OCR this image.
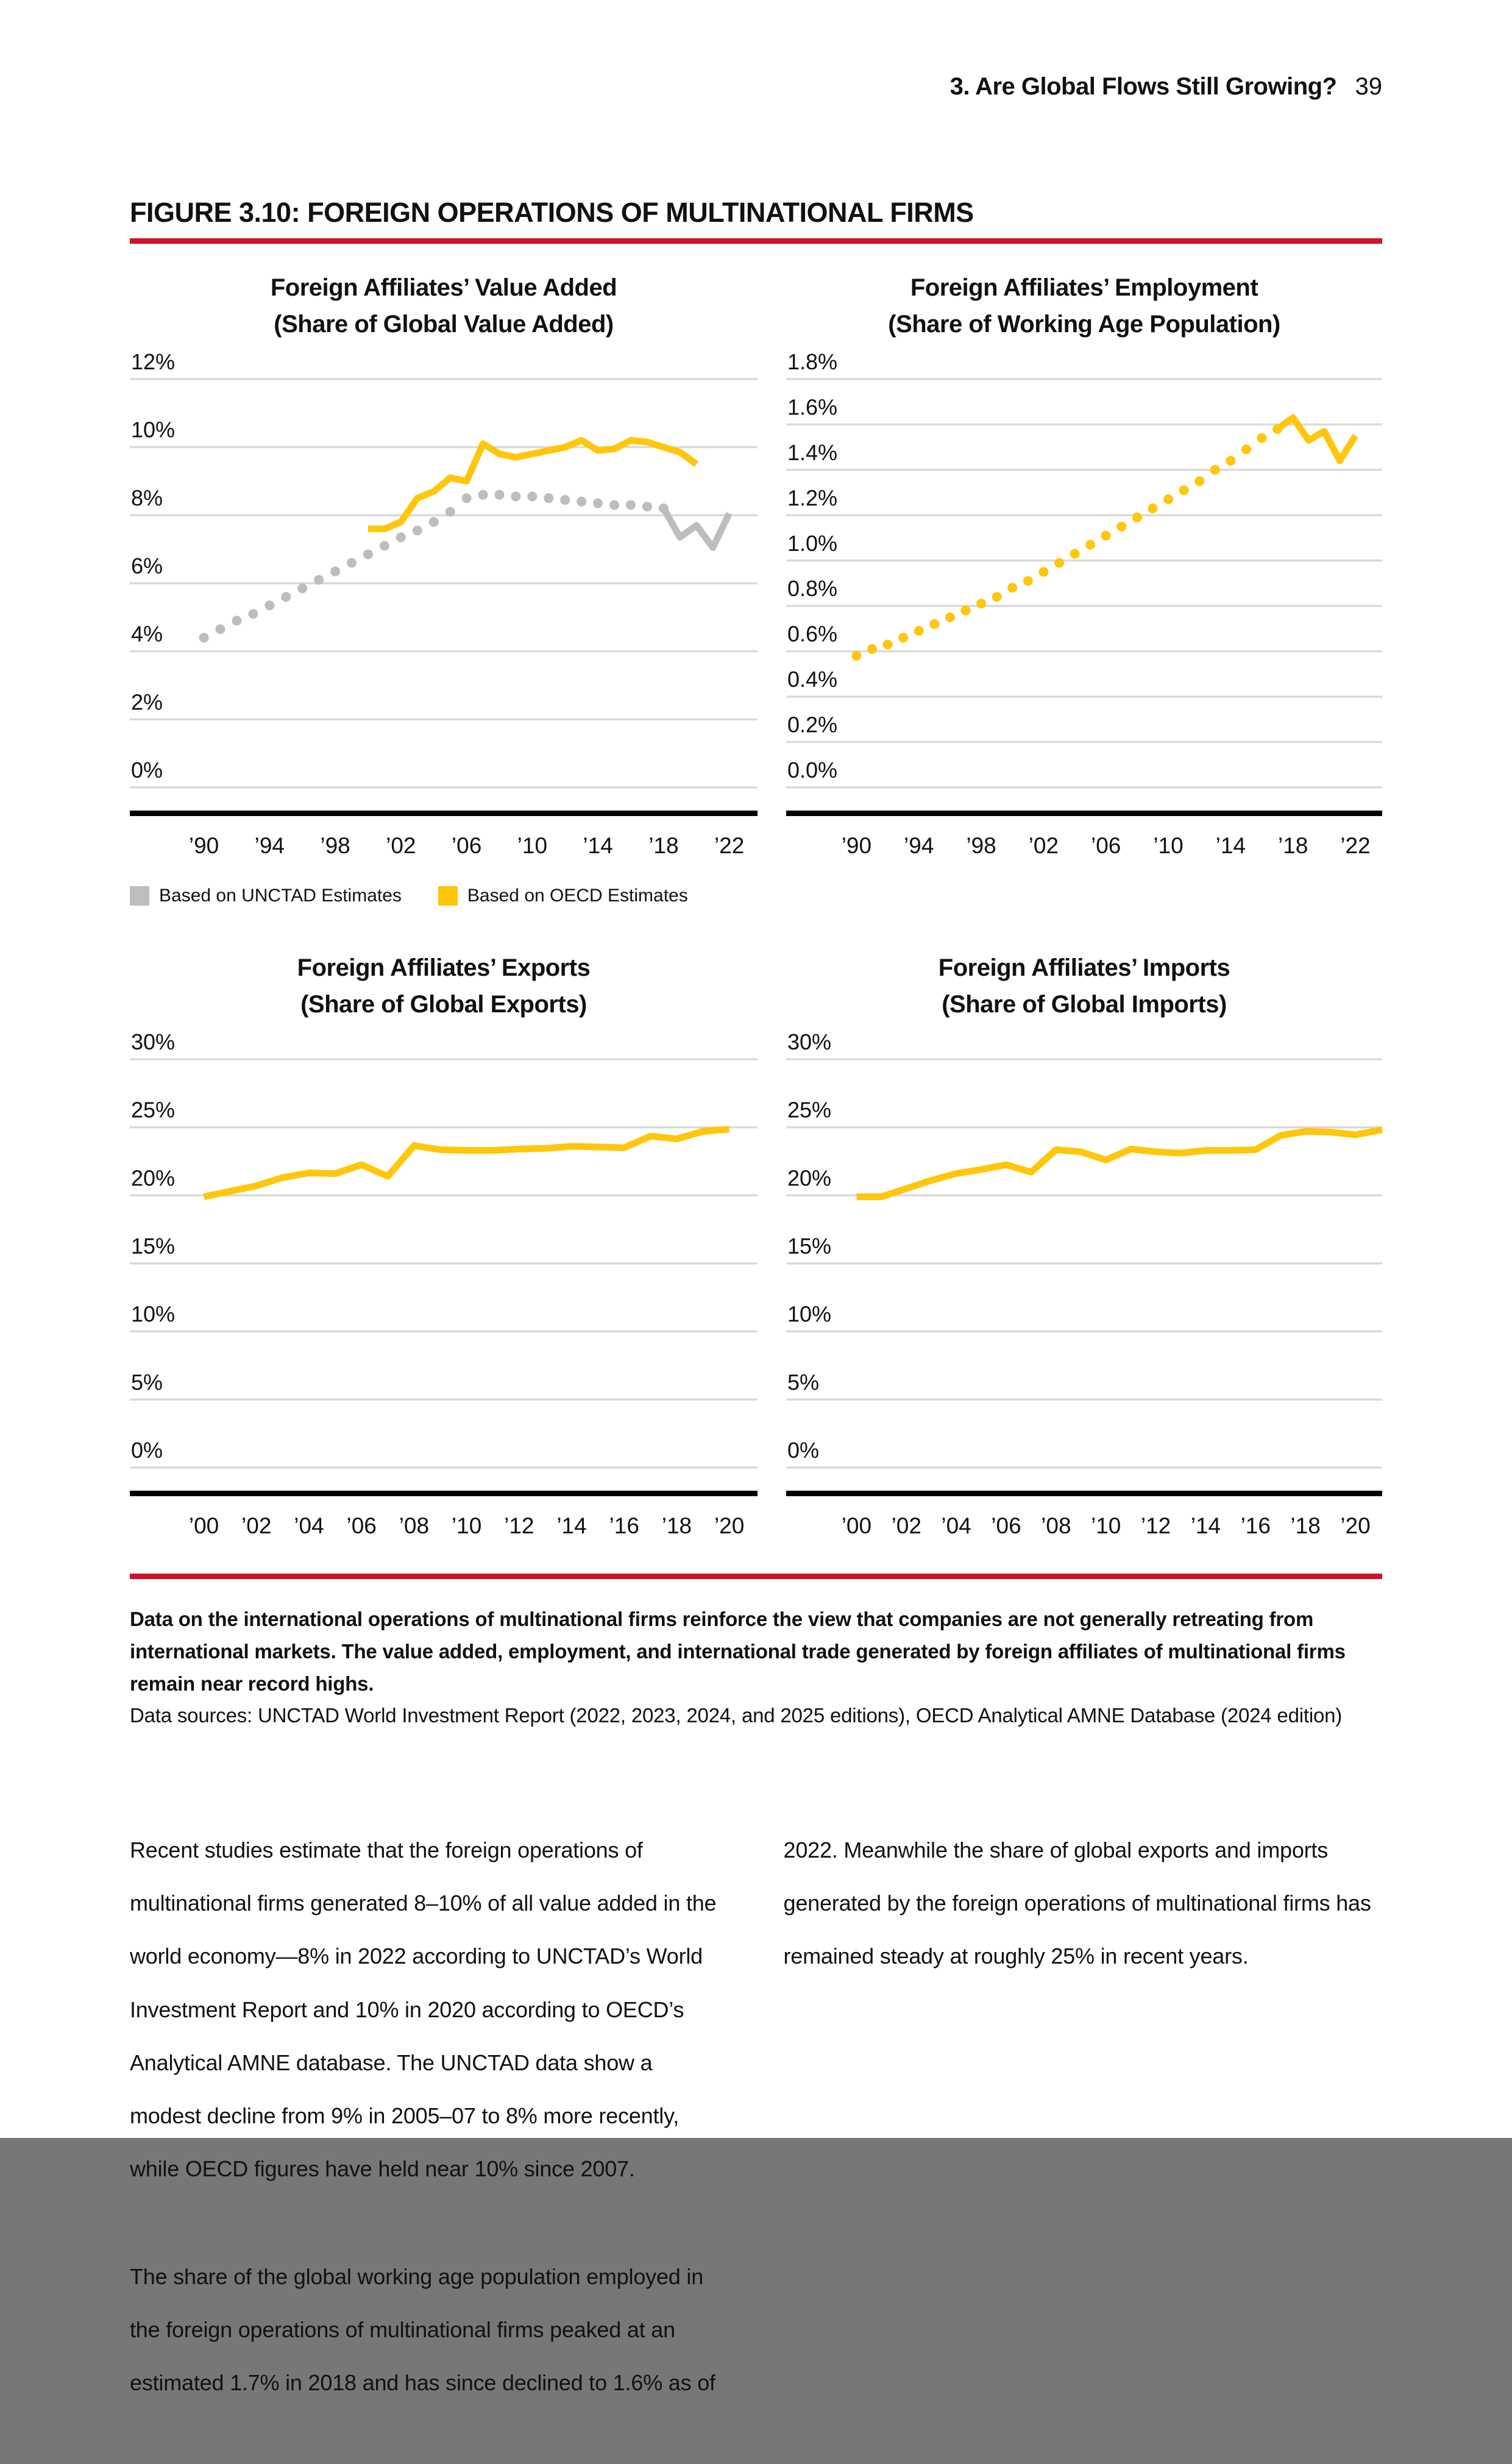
3. Are Global Flows Still Growing? 39
FIGURE 3.10: FOREIGN OPERATIONS OF MULTINATIONAL FIRMS
Foreign Affiliates’ Value Added
(Share of Global Value Added)
12%
10%
8%
6%
4%
2%
0%
’90 ’94 ’98 ’02 ’06 ’10 ’14 ’18 ’22
Foreign Affiliates’ Employment
(Share of Working Age Population)
1.8%
1.6%
1.4%
1.2%
1.0%
0.8%
0.6%
0.4%
0.2%
0.0%
’90 ’94 ’98 ’02 ’06 ’10 ’14 ’18 ’22
Based on UNCTAD Estimates	Based on OECD Estimates
Foreign Affiliates’ Exports
(Share of Global Exports)
30%
25%
20%
15%
10%
5%
0%
’00 ’02 ’04 ’06 ’08 ’10 ’12 ’14 ’16 ’18 ’20
Foreign Affiliates’ Imports
(Share of Global Imports)
30%
25%
20%
15%
10%
5%
0%
’00 ’02 ’04 ’06 ’08 ’10 ’12 ’14 ’16 ’18 ’20
Data on the international operations of multinational firms reinforce the view that companies are not generally retreating from international markets. The value added, employment, and international trade generated by foreign affiliates of multinational firms remain near record highs.
Data sources: UNCTAD World Investment Report (2022, 2023, 2024, and 2025 editions), OECD Analytical AMNE Database (2024 edition)

Recent studies estimate that the foreign operations of multinational firms generated 8–10% of all value added in the world economy—8% in 2022 according to UNCTAD’s World Investment Report and 10% in 2020 according to OECD’s Analytical AMNE database. The UNCTAD data show a modest decline from 9% in 2005–07 to 8% more recently, while OECD figures have held near 10% since 2007.

The share of the global working age population employed in the foreign operations of multinational firms peaked at an estimated 1.7% in 2018 and has since declined to 1.6% as of

2022. Meanwhile the share of global exports and imports generated by the foreign operations of multinational firms has remained steady at roughly 25% in recent years.
